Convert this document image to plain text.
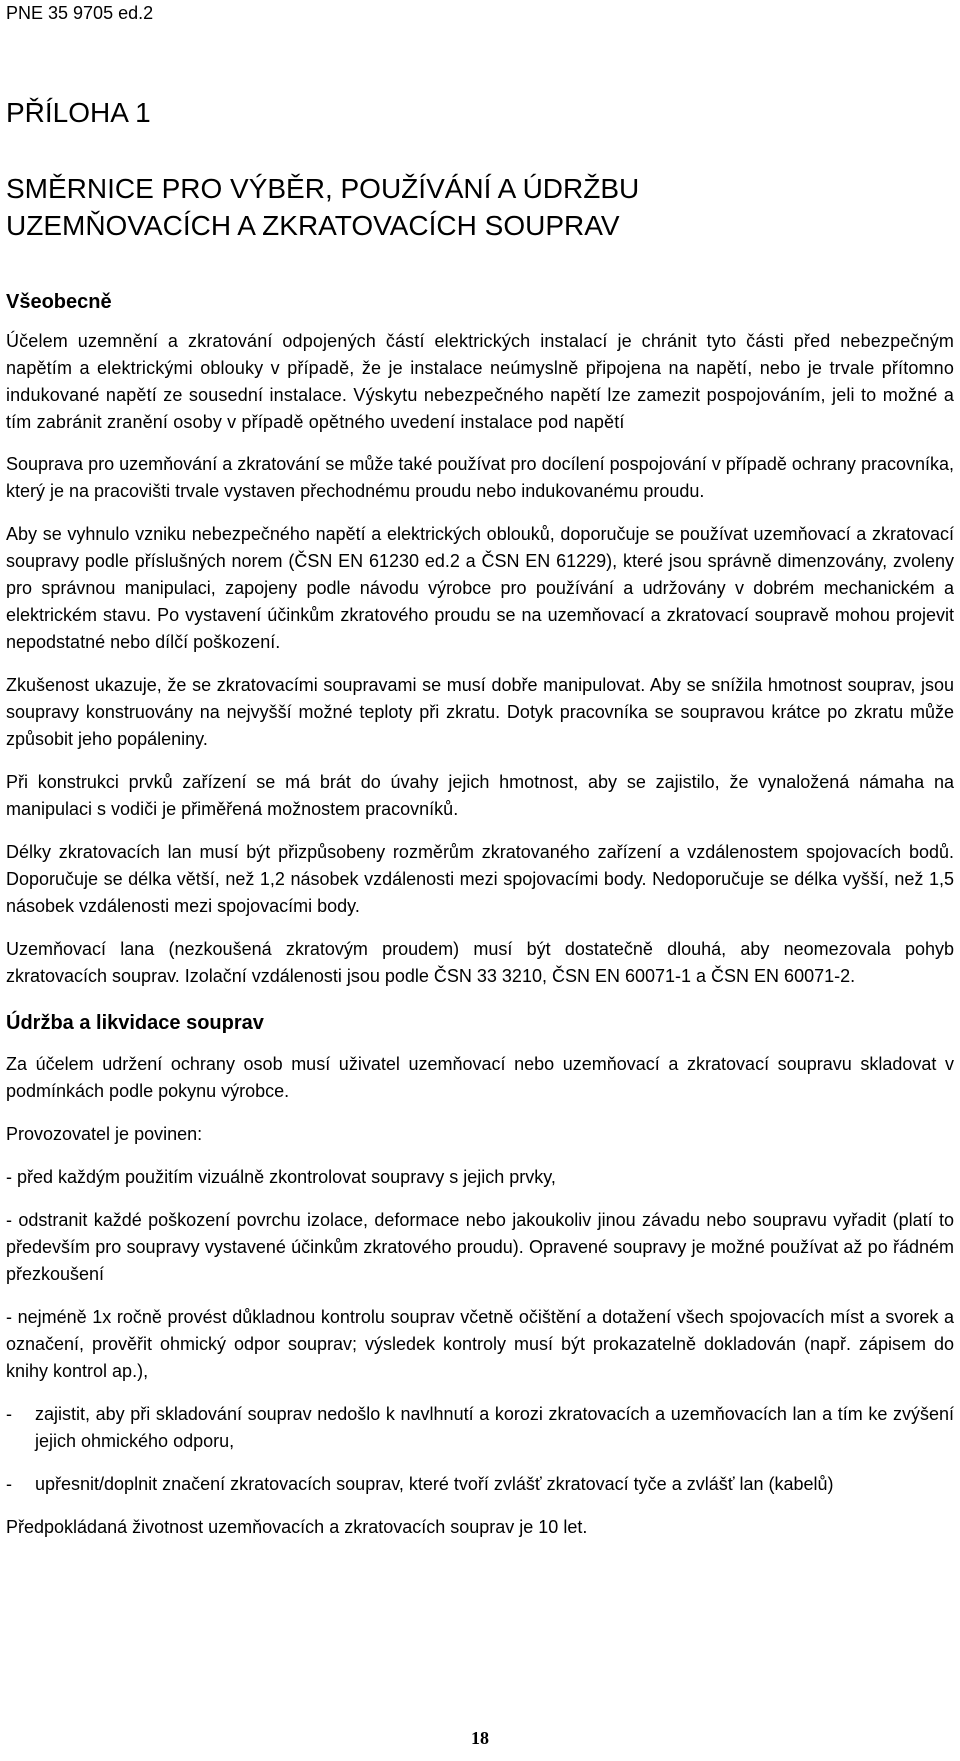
PNE 35 9705 ed.2
PŘÍLOHA 1
SMĚRNICE PRO VÝBĚR, POUŽÍVÁNÍ A ÚDRŽBU
UZEMŇOVACÍCH A ZKRATOVACÍCH SOUPRAV
Všeobecně

Účelem uzemnění a zkratování odpojených částí elektrických instalací je chránit tyto části před nebezpečným napětím a elektrickými oblouky v případě, že je instalace neúmyslně připojena na napětí, nebo je trvale přítomno indukované napětí ze sousední instalace. Výskytu nebezpečného napětí lze zamezit pospojováním, jeli to možné a tím zabránit zranění osoby v případě opětného uvedení instalace pod napětí

Souprava pro uzemňování a zkratování se může také používat pro docílení pospojování v případě ochrany pracovníka, který je na pracovišti trvale vystaven přechodnému proudu nebo indukovanému proudu.

Aby se vyhnulo vzniku nebezpečného napětí a elektrických oblouků, doporučuje se používat uzemňovací a zkratovací soupravy podle příslušných norem (ČSN EN 61230 ed.2 a ČSN EN 61229), které jsou správně dimenzovány, zvoleny pro správnou manipulaci, zapojeny podle návodu výrobce pro používání a udržovány v dobrém mechanickém a elektrickém stavu. Po vystavení účinkům zkratového proudu se na uzemňovací a zkratovací soupravě mohou projevit nepodstatné nebo dílčí poškození.

Zkušenost ukazuje, že se zkratovacími soupravami se musí dobře manipulovat. Aby se snížila hmotnost souprav, jsou soupravy konstruovány na nejvyšší možné teploty při zkratu. Dotyk pracovníka se soupravou krátce po zkratu může způsobit jeho popáleniny.

Při konstrukci prvků zařízení se má brát do úvahy jejich hmotnost, aby se zajistilo, že vynaložená námaha na manipulaci s vodiči je přiměřená možnostem pracovníků.

Délky zkratovacích lan musí být přizpůsobeny rozměrům zkratovaného zařízení a vzdálenostem spojovacích bodů. Doporučuje se délka větší, než 1,2 násobek vzdálenosti mezi spojovacími body. Nedoporučuje se délka vyšší, než 1,5 násobek vzdálenosti mezi spojovacími body.

Uzemňovací lana (nezkoušená zkratovým proudem) musí být dostatečně dlouhá, aby neomezovala pohyb zkratovacích souprav. Izolační vzdálenosti jsou podle ČSN 33 3210, ČSN EN 60071-1 a ČSN EN 60071-2.

Údržba a likvidace souprav

Za účelem udržení ochrany osob musí uživatel uzemňovací nebo uzemňovací a zkratovací soupravu skladovat v podmínkách podle pokynu výrobce.

Provozovatel je povinen:

- před každým použitím vizuálně zkontrolovat soupravy s jejich prvky,
- odstranit každé poškození povrchu izolace, deformace nebo jakoukoliv jinou závadu nebo soupravu vyřadit (platí to především pro soupravy vystavené účinkům zkratového proudu). Opravené soupravy je možné používat až po řádném přezkoušení
- nejméně 1x ročně provést důkladnou kontrolu souprav včetně očištění a dotažení všech spojovacích míst a svorek a označení, prověřit ohmický odpor souprav; výsledek kontroly musí být prokazatelně dokladován (např. zápisem do knihy kontrol ap.),
- zajistit, aby při skladování souprav nedošlo k navlhnutí a korozi zkratovacích a uzemňovacích lan a tím ke zvýšení jejich ohmického odporu,
- upřesnit/doplnit značení zkratovacích souprav, které tvoří zvlášť zkratovací tyče a zvlášť lan (kabelů)

Předpokládaná životnost uzemňovacích a zkratovacích souprav je 10 let.

18
